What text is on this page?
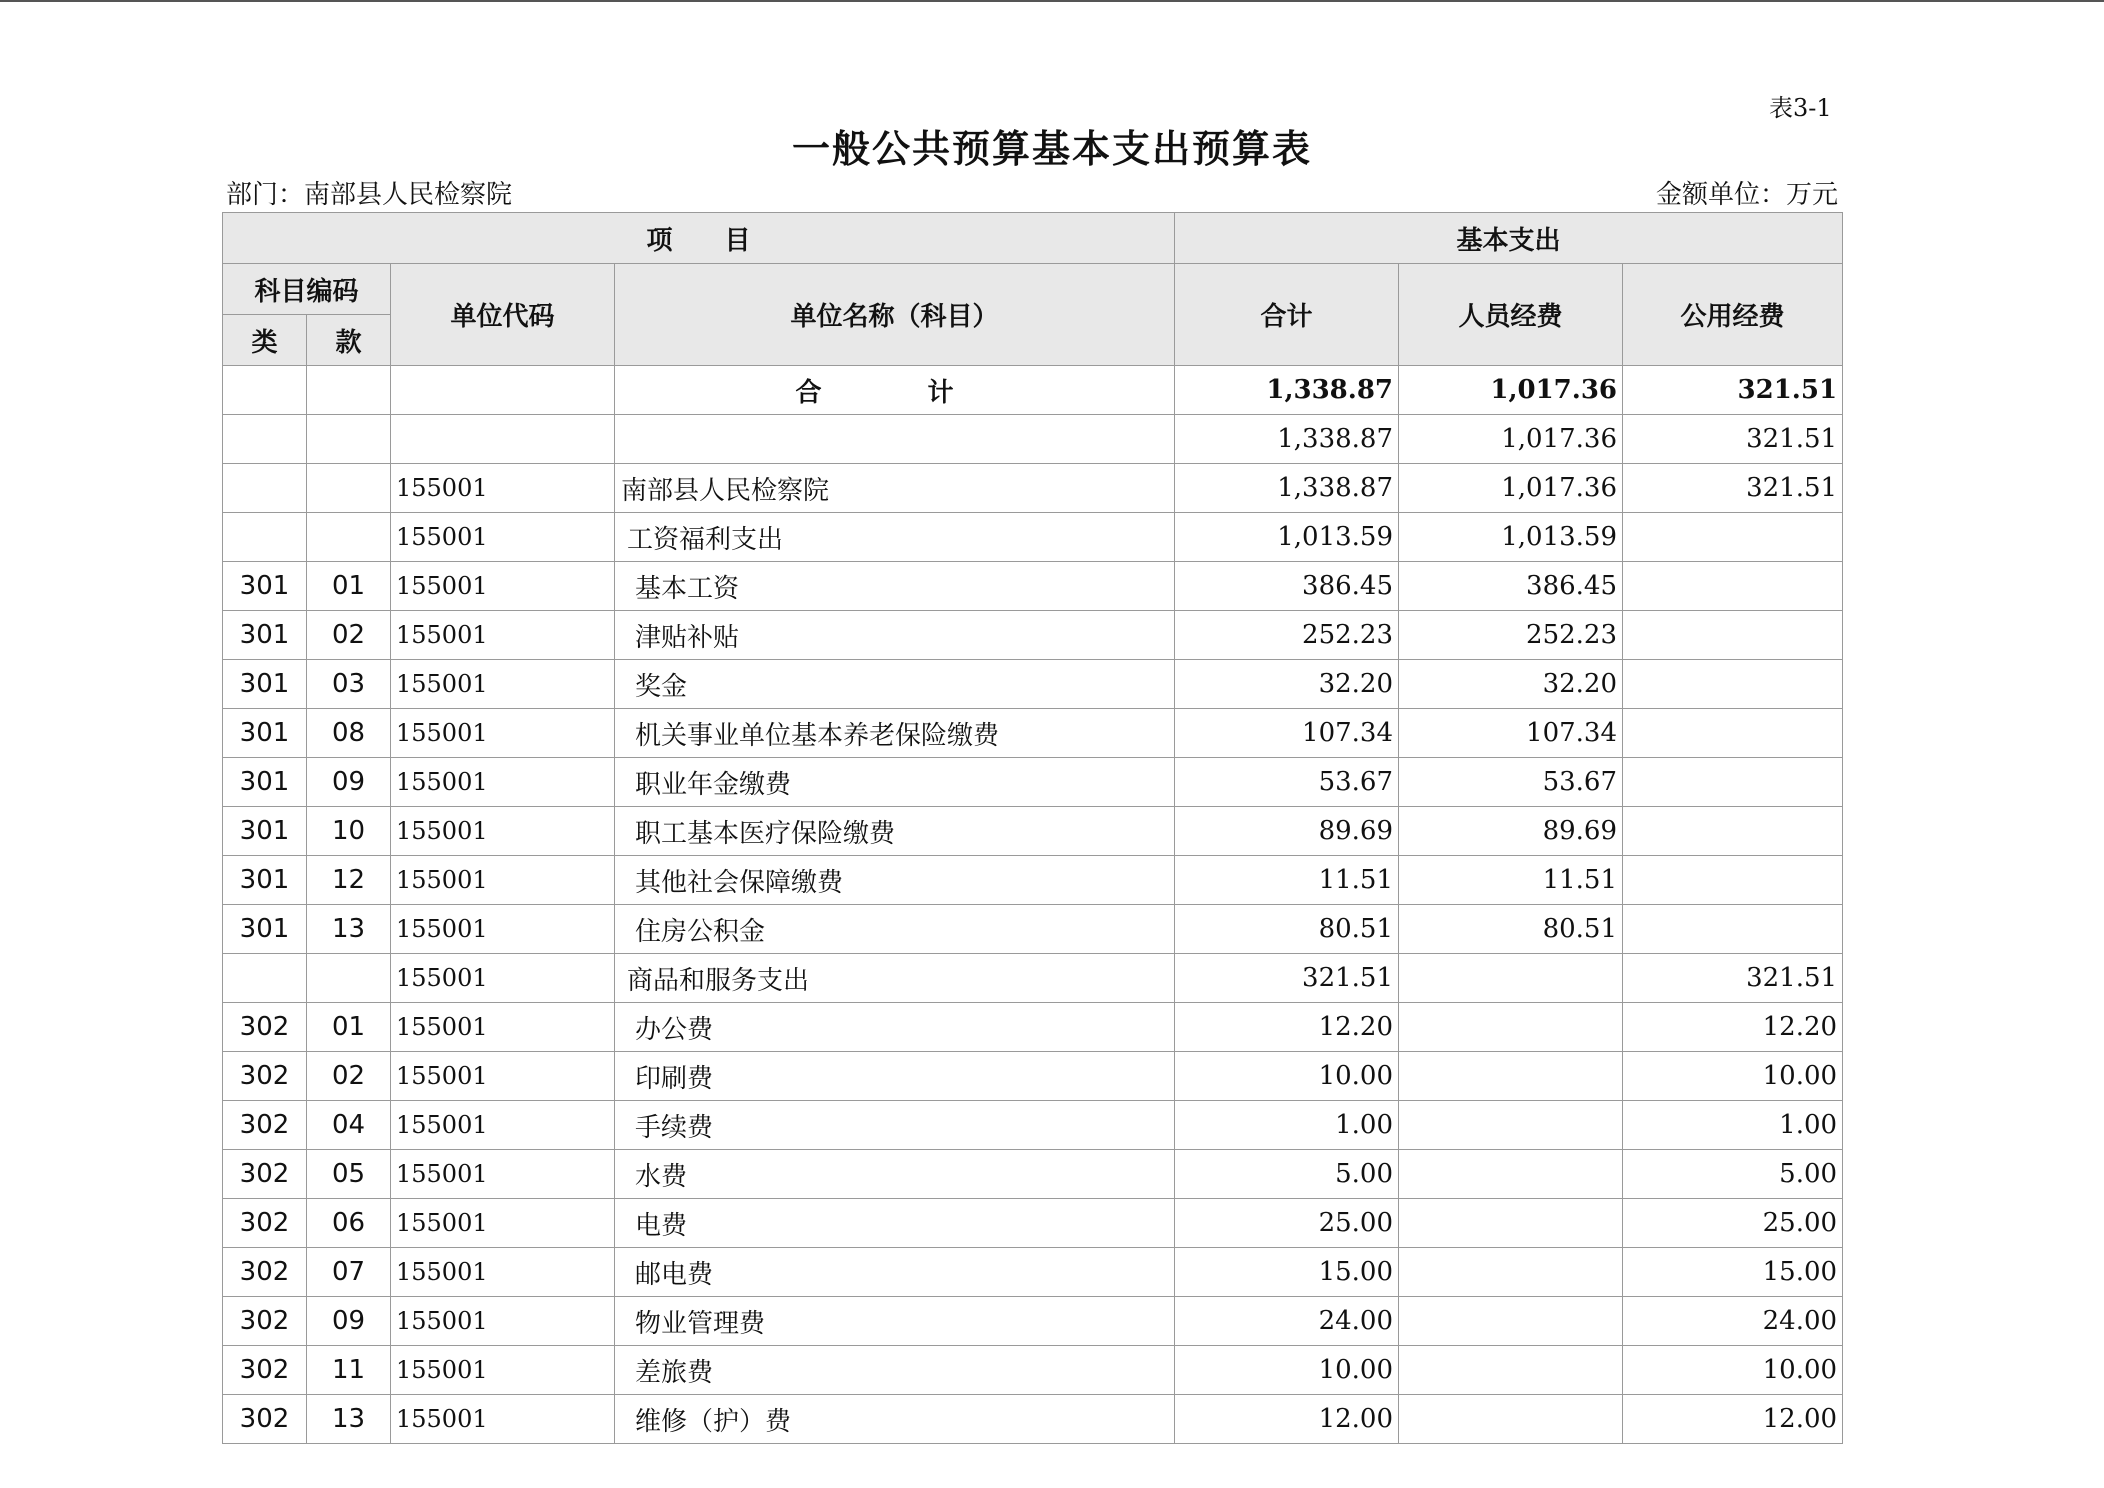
表3-1
一般公共预算基本支出预算表
部门：南部县人民检察院	金额单位：万元
项　　目				基本支出		
科目编码		单位代码	单位名称（科目）	合计	人员经费	公用经费
类	款					
			合　计	1,338.87	1,017.36	321.51
				1,338.87	1,017.36	321.51
		155001	南部县人民检察院	1,338.87	1,017.36	321.51
		155001	工资福利支出	1,013.59	1,013.59	
301	01	155001	基本工资	386.45	386.45	
301	02	155001	津贴补贴	252.23	252.23	
301	03	155001	奖金	32.20	32.20	
301	08	155001	机关事业单位基本养老保险缴费	107.34	107.34	
301	09	155001	职业年金缴费	53.67	53.67	
301	10	155001	职工基本医疗保险缴费	89.69	89.69	
301	12	155001	其他社会保障缴费	11.51	11.51	
301	13	155001	住房公积金	80.51	80.51	
		155001	商品和服务支出	321.51		321.51
302	01	155001	办公费	12.20		12.20
302	02	155001	印刷费	10.00		10.00
302	04	155001	手续费	1.00		1.00
302	05	155001	水费	5.00		5.00
302	06	155001	电费	25.00		25.00
302	07	155001	邮电费	15.00		15.00
302	09	155001	物业管理费	24.00		24.00
302	11	155001	差旅费	10.00		10.00
302	13	155001	维修（护）费	12.00		12.00
